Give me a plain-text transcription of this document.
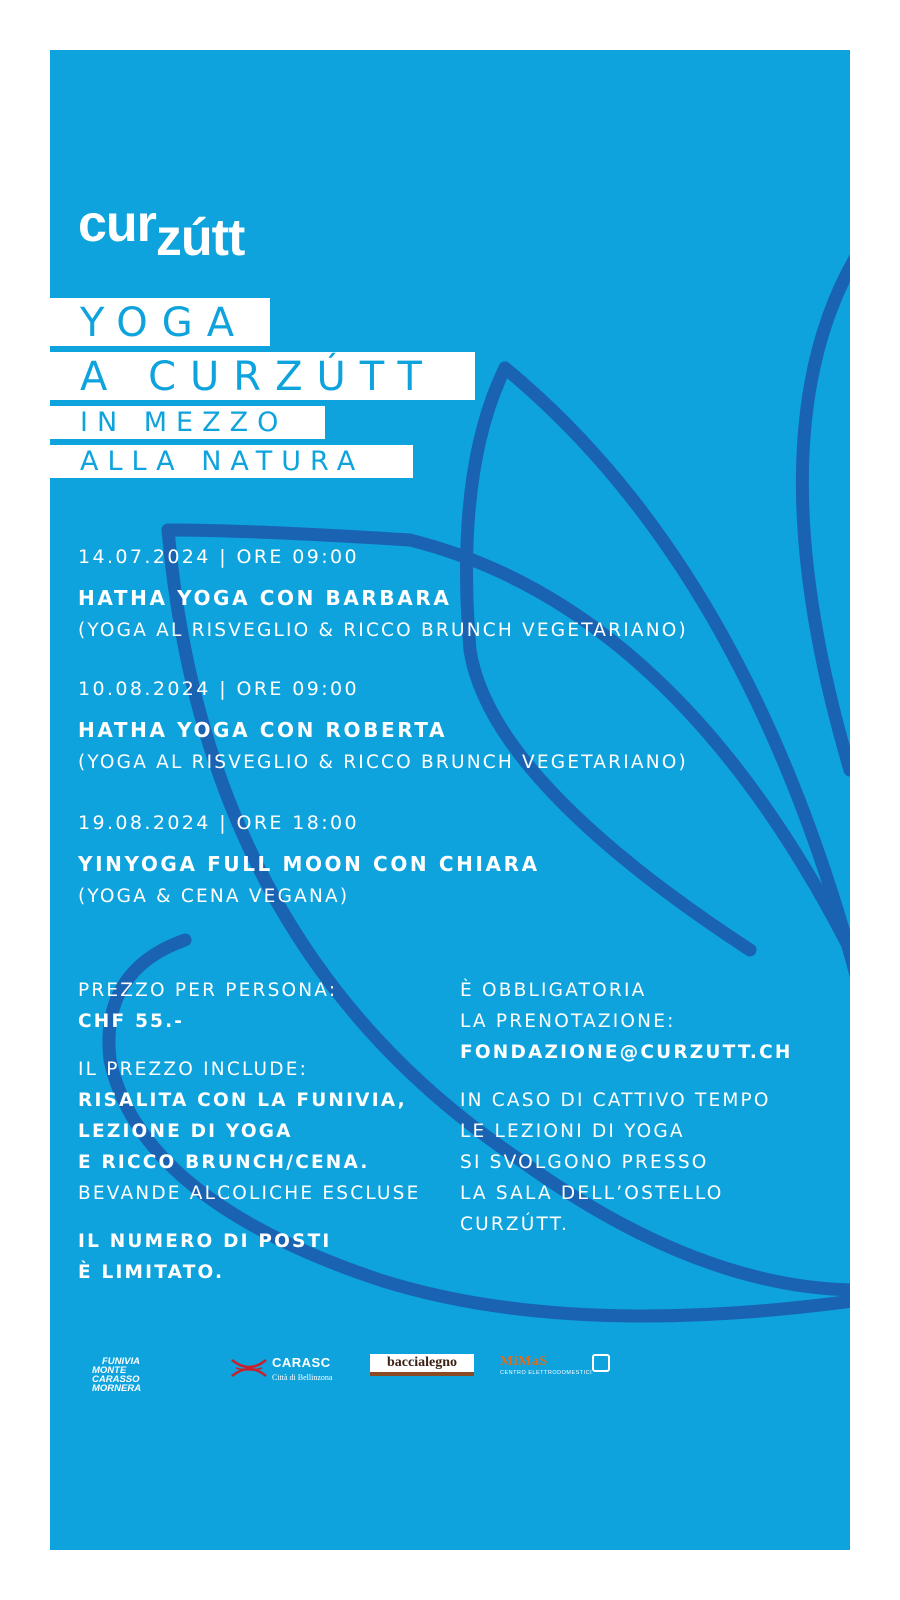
curzútt
YOGA
A CURZÚTT
IN MEZZO
ALLA NATURA
14.07.2024 | ORE 09:00
HATHA YOGA CON BARBARA
(YOGA AL RISVEGLIO & RICCO BRUNCH VEGETARIANO)
10.08.2024 | ORE 09:00
HATHA YOGA CON ROBERTA
(YOGA AL RISVEGLIO & RICCO BRUNCH VEGETARIANO)
19.08.2024 | ORE 18:00
YINYOGA FULL MOON CON CHIARA
(YOGA & CENA VEGANA)
PREZZO PER PERSONA:
CHF 55.-
IL PREZZO INCLUDE:
RISALITA CON LA FUNIVIA,
LEZIONE DI YOGA
E RICCO BRUNCH/CENA.
BEVANDE ALCOLICHE ESCLUSE
IL NUMERO DI POSTI
È LIMITATO.
È OBBLIGATORIA
LA PRENOTAZIONE:
FONDAZIONE@CURZUTT.CH
IN CASO DI CATTIVO TEMPO
LE LEZIONI DI YOGA
SI SVOLGONO PRESSO
LA SALA DELL’OSTELLO
CURZÚTT.
FUNIVIA
MONTE CARASSO
MORNERA
CARASC
Città di Bellinzona
baccialegno	MiMaS
CENTRO ELETTRODOMESTICI
